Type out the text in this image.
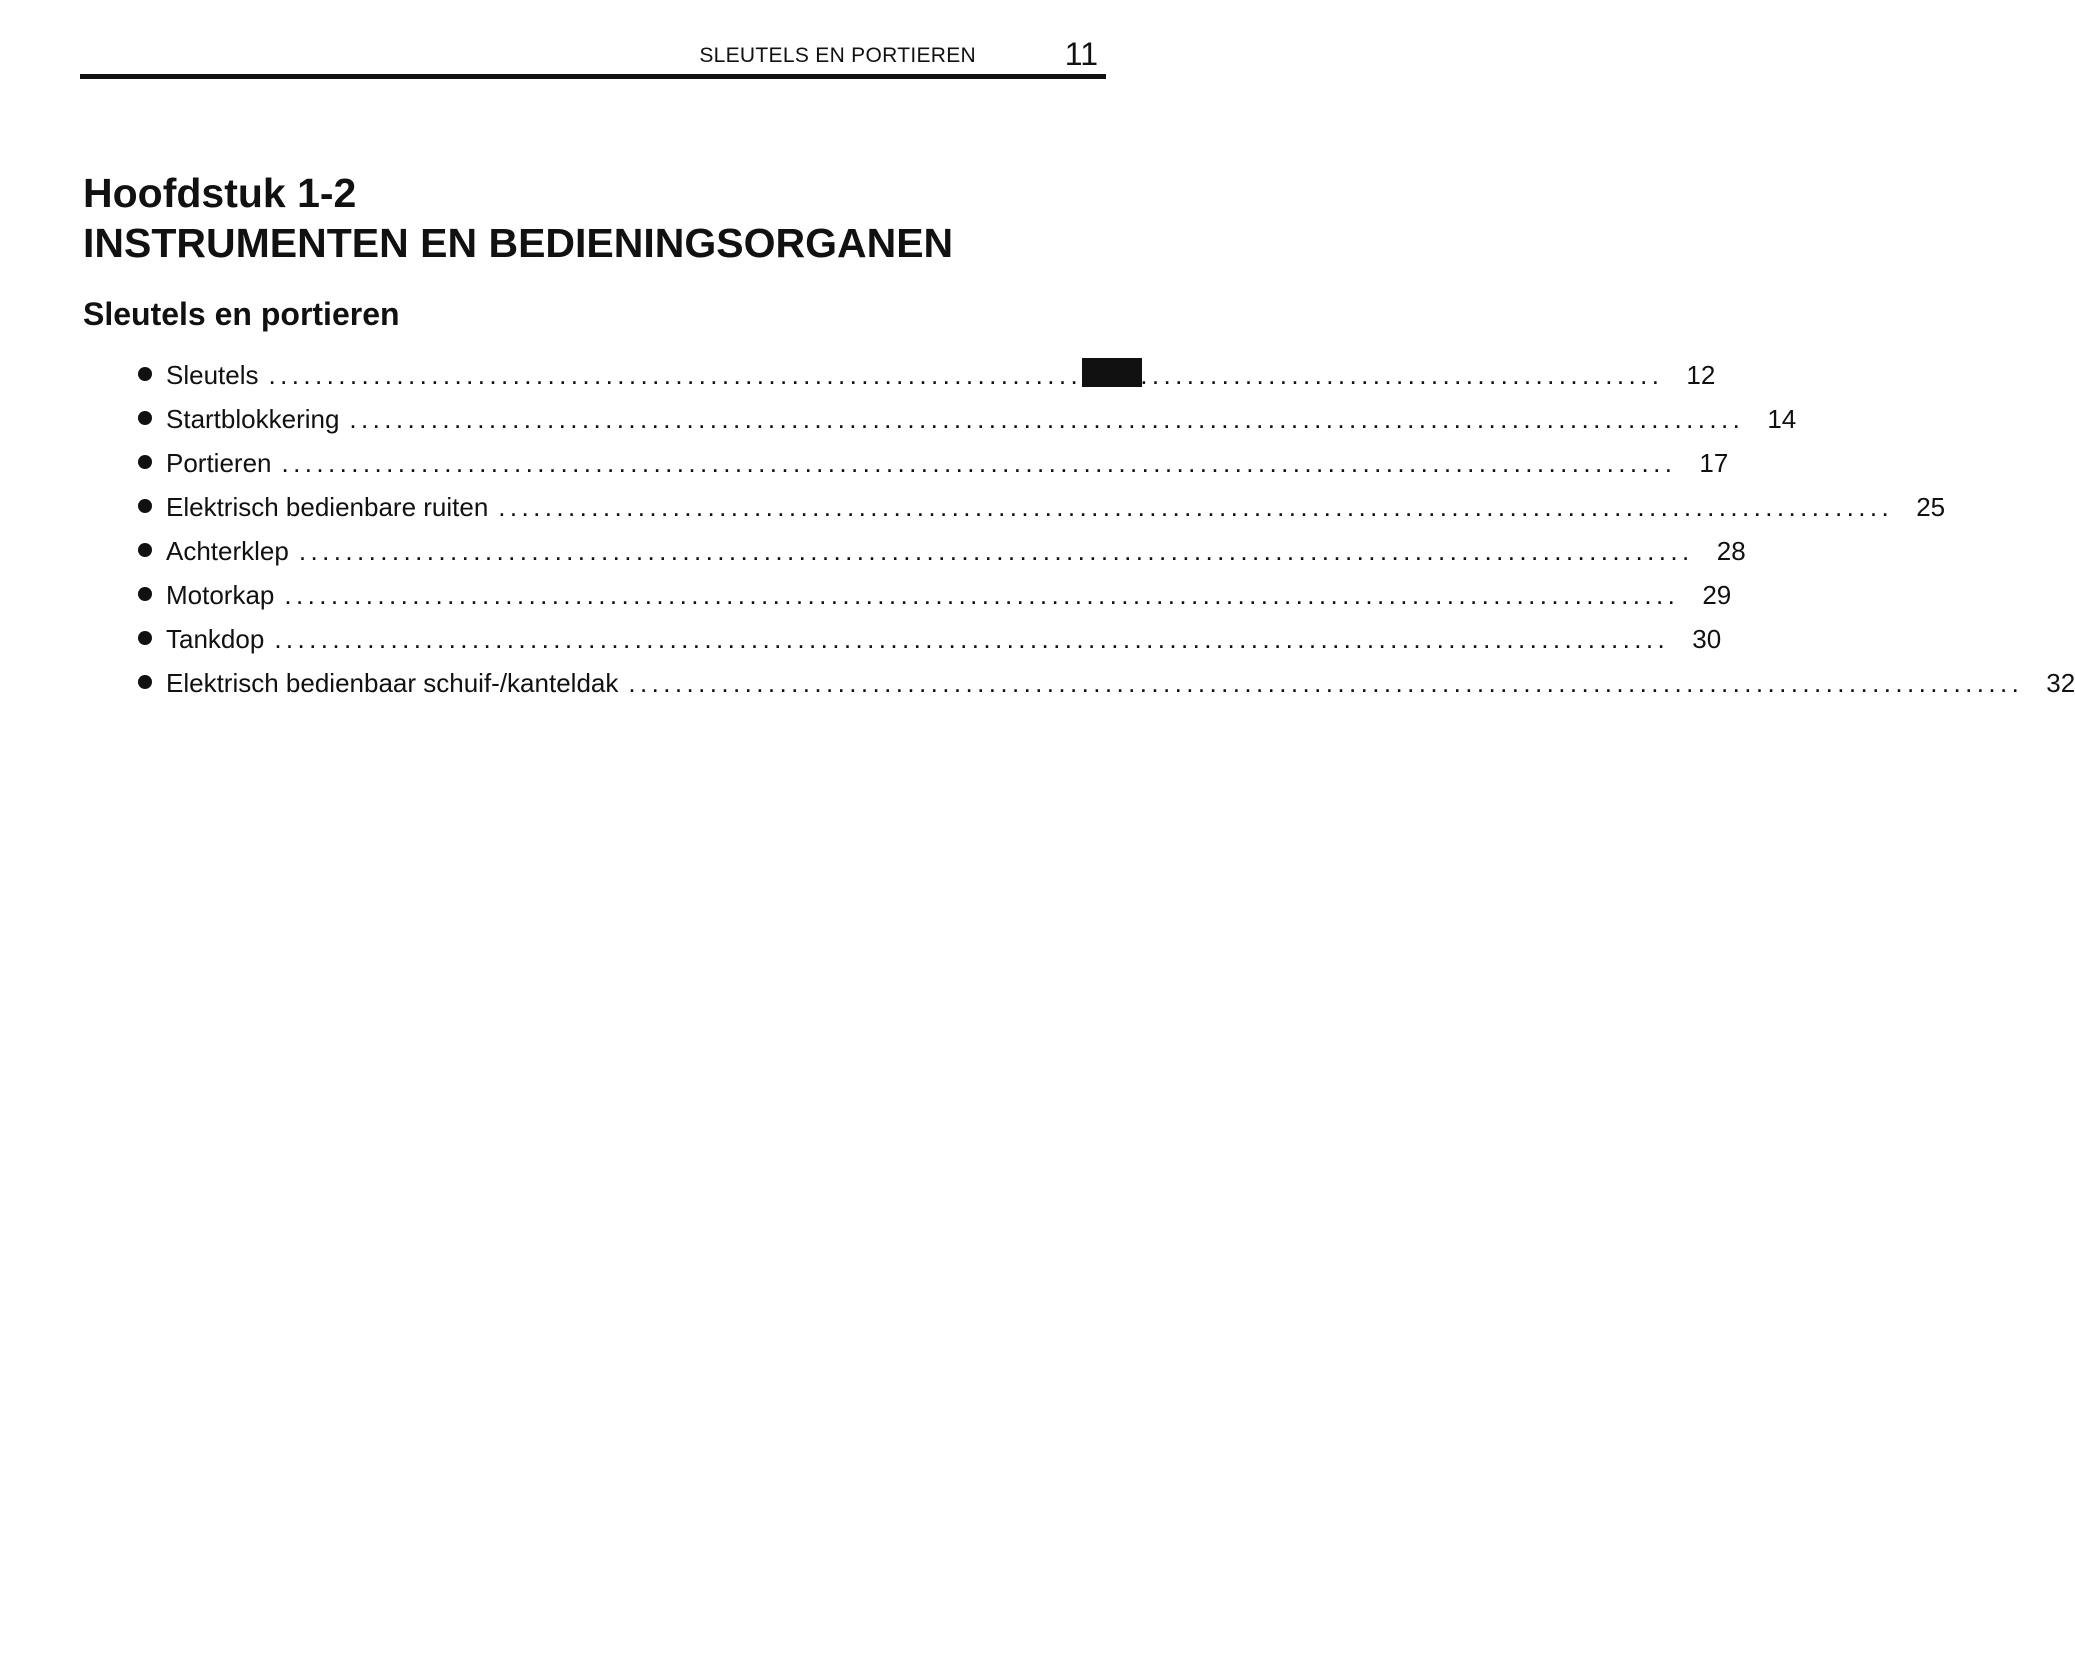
SLEUTELS EN PORTIEREN	11
Hoofdstuk 1-2
INSTRUMENTEN EN BEDIENINGSORGANEN
Sleutels en portieren
Sleutels ........................................................................................................................ 12
Startblokkering ........................................................................................................................ 14
Portieren ........................................................................................................................ 17
Elektrisch bedienbare ruiten ........................................................................................................................ 25
Achterklep ........................................................................................................................ 28
Motorkap ........................................................................................................................ 29
Tankdop ........................................................................................................................ 30
Elektrisch bedienbaar schuif-/kanteldak ........................................................................................................................ 32
